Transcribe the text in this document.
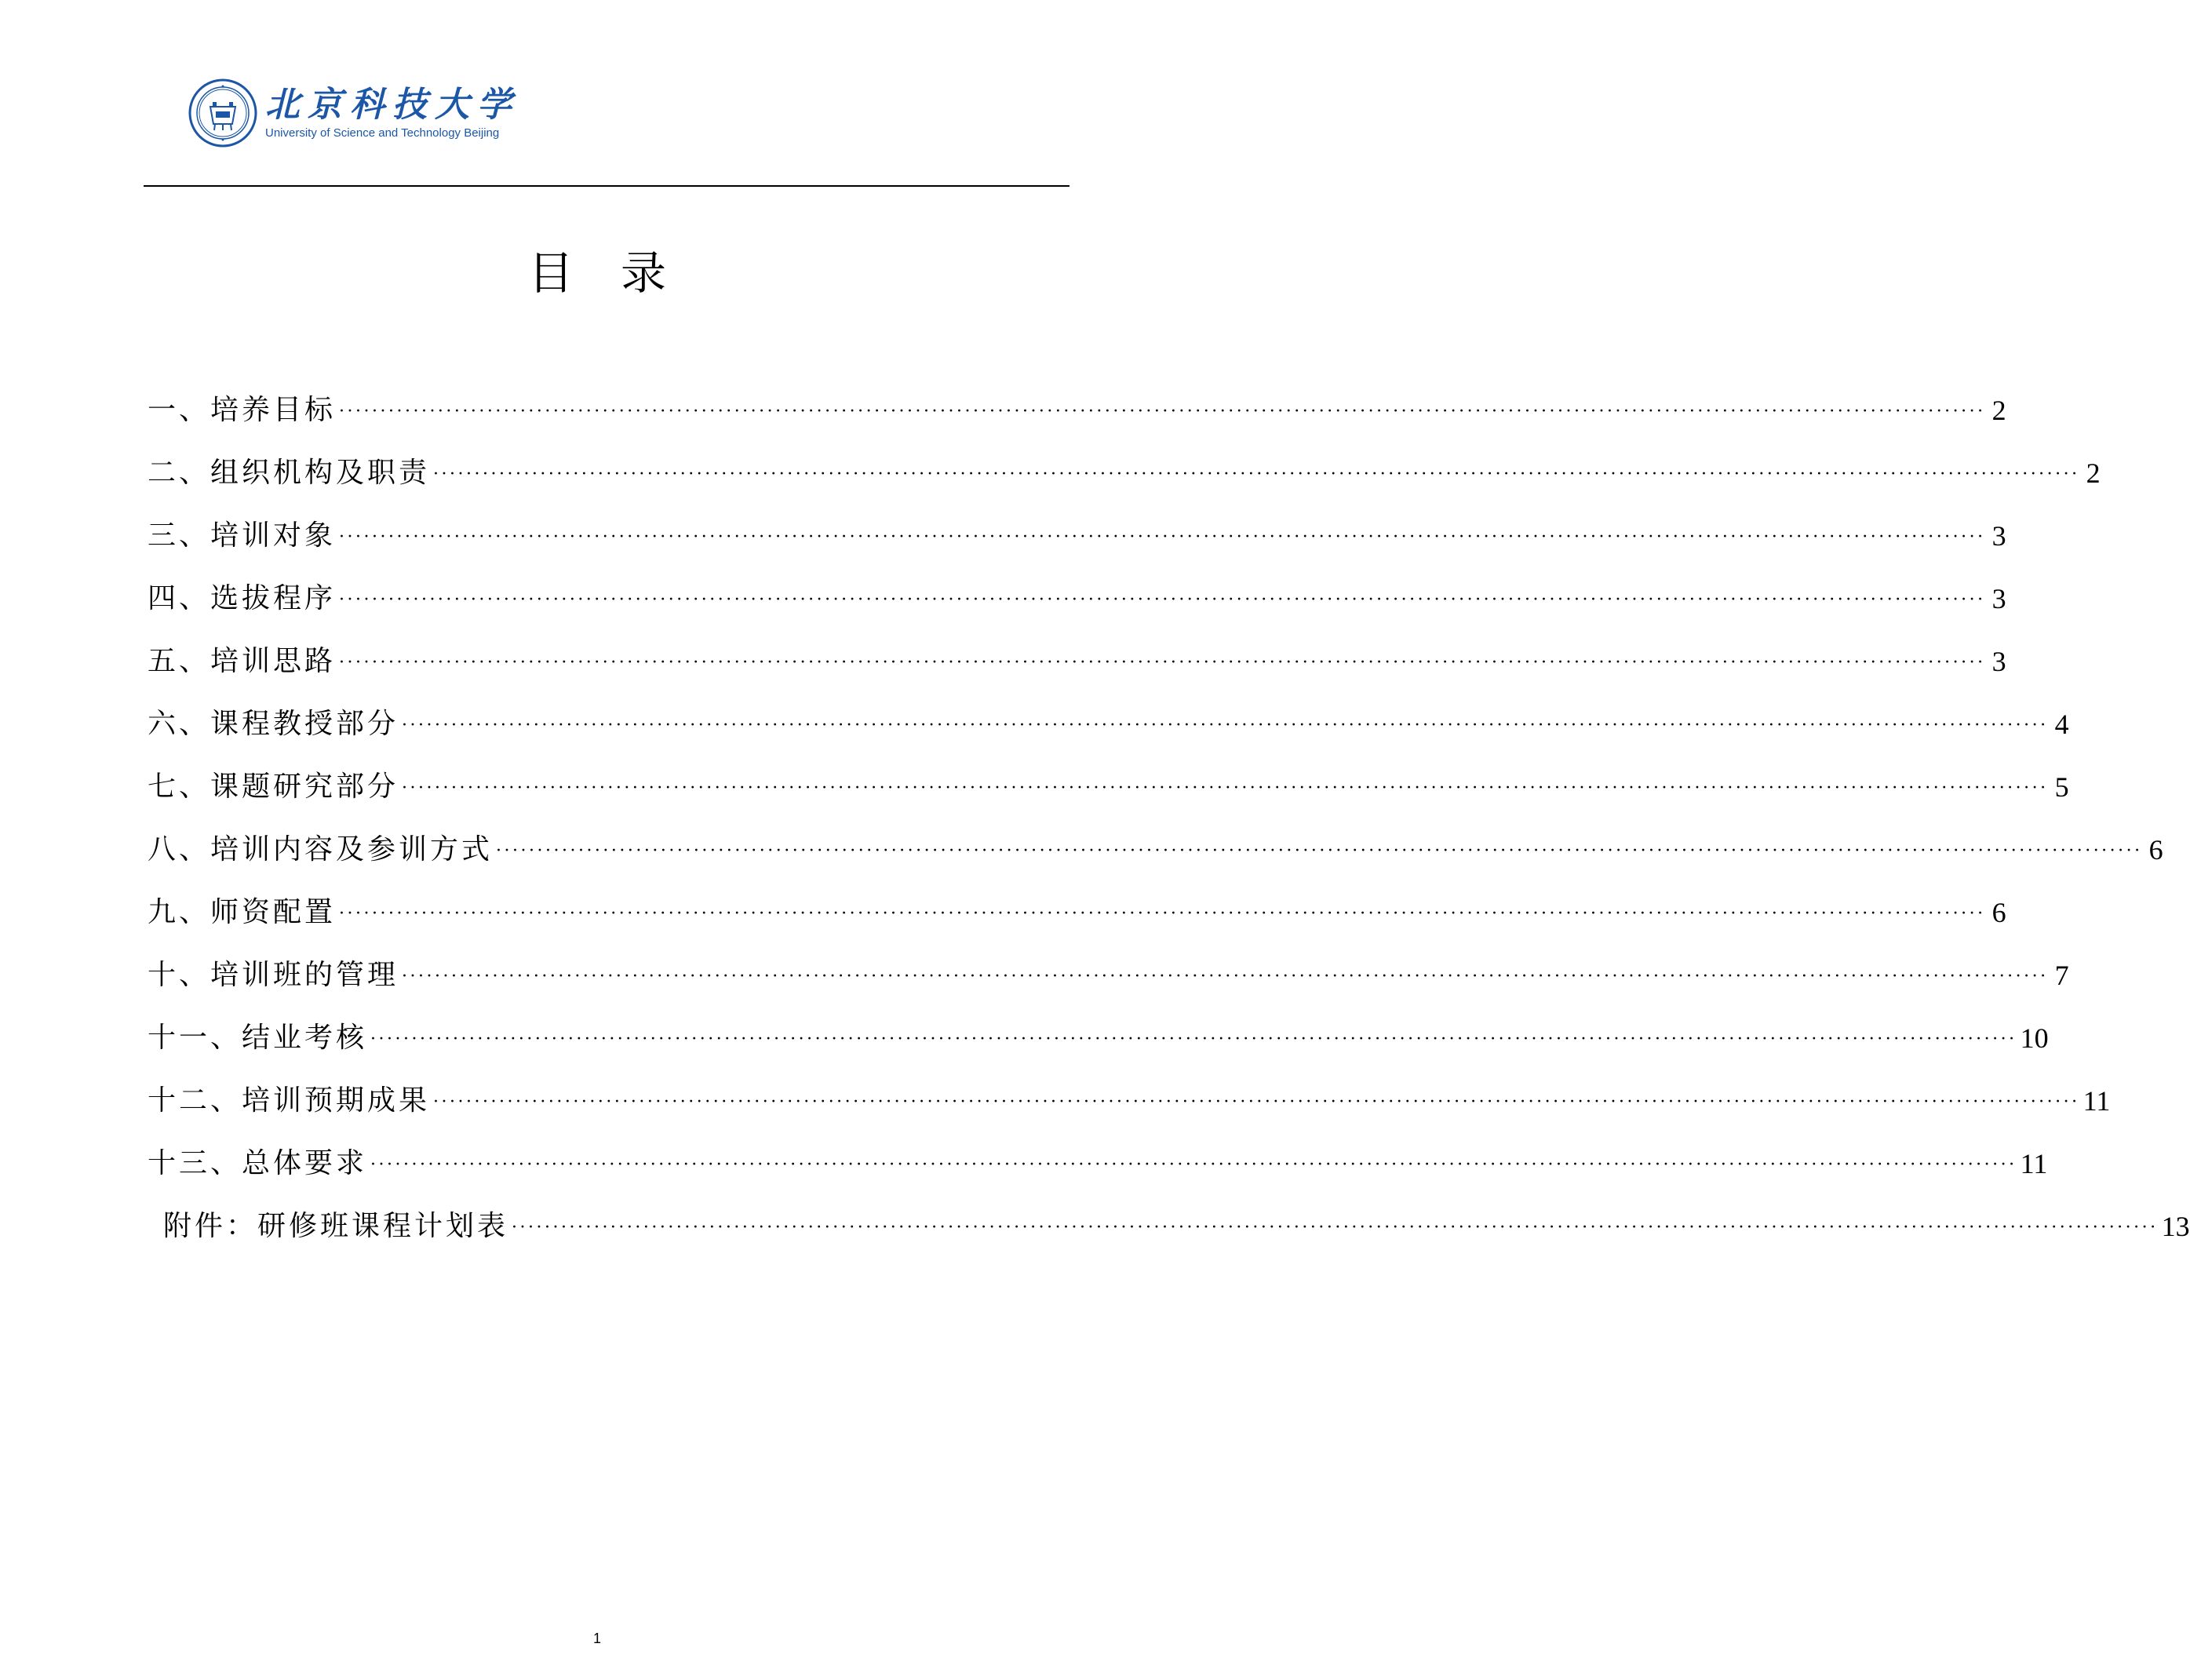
北京科技大学
University of Science and Technology Beijing
目录
一、培养目标 ········································································································································································································ 2
二、组织机构及职责 ········································································································································································································ 2
三、培训对象 ········································································································································································································ 3
四、选拔程序 ········································································································································································································ 3
五、培训思路 ········································································································································································································ 3
六、课程教授部分 ········································································································································································································ 4
七、课题研究部分 ········································································································································································································ 5
八、培训内容及参训方式 ········································································································································································································ 6
九、师资配置 ········································································································································································································ 6
十、培训班的管理 ········································································································································································································ 7
十一、结业考核 ········································································································································································································ 10
十二、培训预期成果 ········································································································································································································ 11
十三、总体要求 ········································································································································································································ 11
附件：研修班课程计划表 ········································································································································································································ 13
1
